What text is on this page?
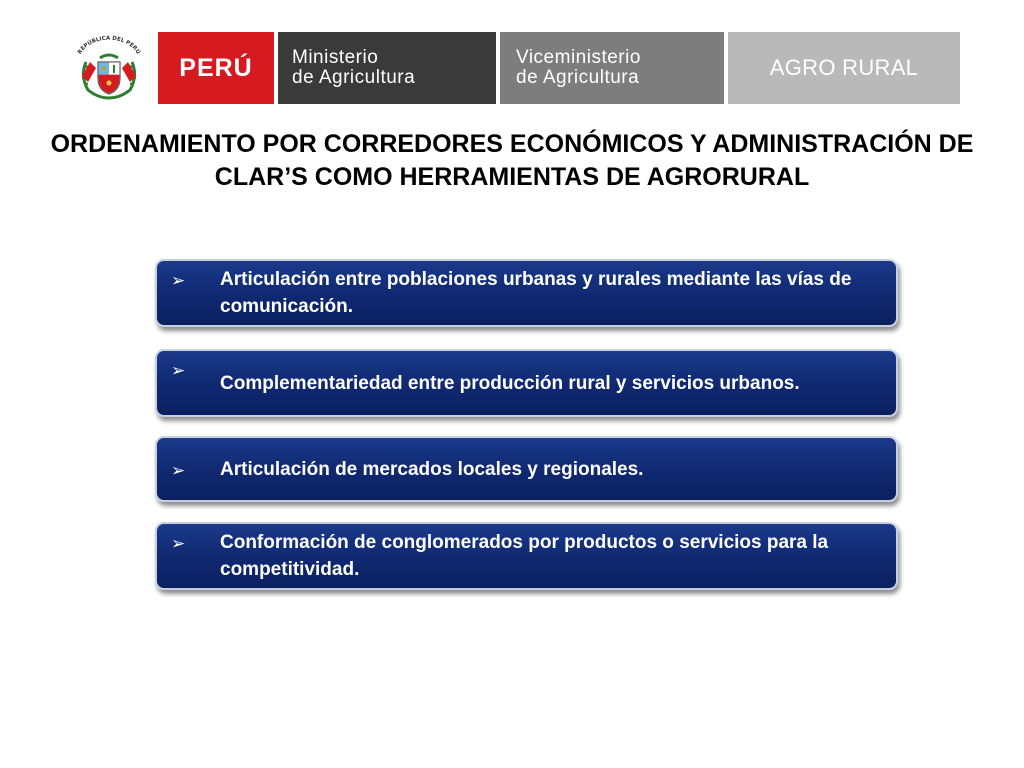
REPÚBLICA DEL PERÚ
PERÚ	Ministerio
de Agricultura
Viceministerio
de Agricultura	AGRO RURAL
ORDENAMIENTO POR CORREDORES ECONÓMICOS Y ADMINISTRACIÓN DE CLAR’S COMO HERRAMIENTAS DE AGRORURAL
➢ Articulación entre poblaciones urbanas y rurales mediante las vías de comunicación.
➢
Complementariedad entre producción rural y servicios urbanos.
➢ Articulación de mercados locales y regionales.
➢ Conformación de conglomerados por productos o servicios para la competitividad.
